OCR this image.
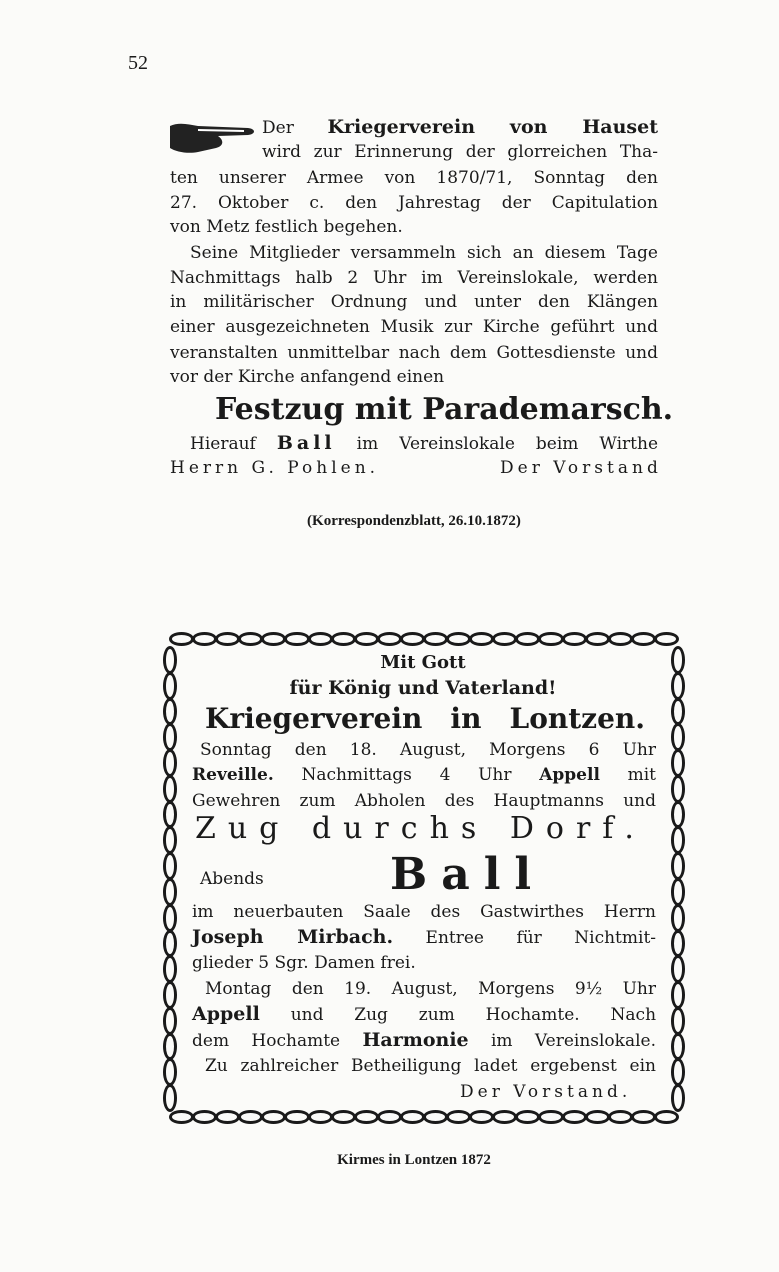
52
Der Kriegerverein von Hauset
wird zur Erinnerung der glorreichen Tha-
ten unserer Armee von 1870/71, Sonntag den
27. Oktober c. den Jahrestag der Capitulation
von Metz festlich begehen.
Seine Mitglieder versammeln sich an diesem Tage
Nachmittags halb 2 Uhr im Vereinslokale, werden
in militärischer Ordnung und unter den Klängen
einer ausgezeichneten Musik zur Kirche geführt und
veranstalten unmittelbar nach dem Gottesdienste und
vor der Kirche anfangend einen
Festzug mit Parademarsch.
Hierauf Ball im Vereinslokale beim Wirthe
Herrn G. Pohlen.	Der Vorstand
(Korrespondenzblatt, 26.10.1872)
Mit Gott
für König und Vaterland!
Kriegerverein in Lontzen.
Sonntag den 18. August, Morgens 6 Uhr
Reveille. Nachmittags 4 Uhr Appell mit
Gewehren zum Abholen des Hauptmanns und
Zug durchs Dorf.
Abends	Ball
im neuerbauten Saale des Gastwirthes Herrn
Joseph Mirbach. Entree für Nichtmit-
glieder 5 Sgr. Damen frei.
Montag den 19. August, Morgens 9½ Uhr
Appell und Zug zum Hochamte. Nach
dem Hochamte Harmonie im Vereinslokale.
Zu zahlreicher Betheiligung ladet ergebenst ein
Der Vorstand.
Kirmes in Lontzen 1872
